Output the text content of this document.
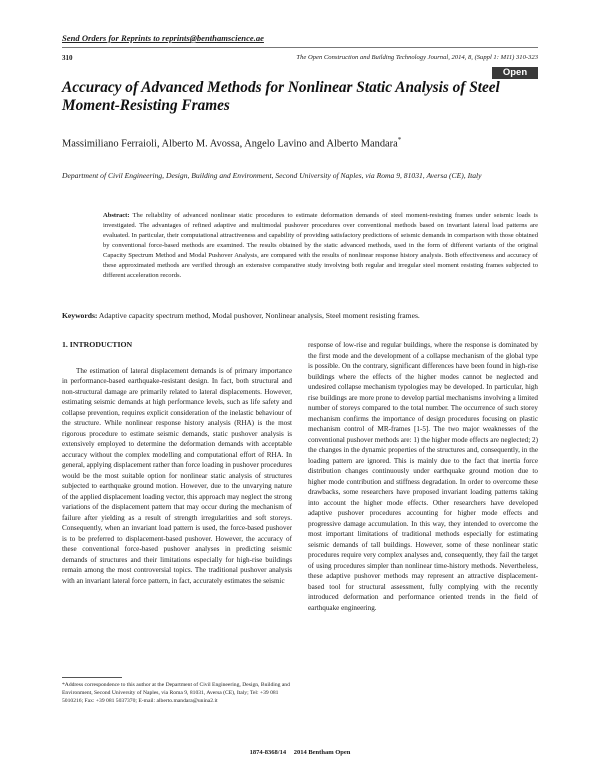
Send Orders for Reprints to reprints@benthamscience.ae
310	The Open Construction and Building Technology Journal, 2014, 8, (Suppl 1: M11) 310-323
Open Access
Accuracy of Advanced Methods for Nonlinear Static Analysis of Steel Moment-Resisting Frames
Massimiliano Ferraioli, Alberto M. Avossa, Angelo Lavino and Alberto Mandara*
Department of Civil Engineering, Design, Building and Environment, Second University of Naples, via Roma 9, 81031, Aversa (CE), Italy
Abstract: The reliability of advanced nonlinear static procedures to estimate deformation demands of steel moment-resisting frames under seismic loads is investigated. The advantages of refined adaptive and multimodal pushover procedures over conventional methods based on invariant lateral load patterns are evaluated. In particular, their computational attractiveness and capability of providing satisfactory predictions of seismic demands in comparison with those obtained by conventional force-based methods are examined. The results obtained by the static advanced methods, used in the form of different variants of the original Capacity Spectrum Method and Modal Pushover Analysis, are compared with the results of nonlinear response history analysis. Both effectiveness and accuracy of these approximated methods are verified through an extensive comparative study involving both regular and irregular steel moment resisting frames subjected to different acceleration records.
Keywords: Adaptive capacity spectrum method, Modal pushover, Nonlinear analysis, Steel moment resisting frames.
1. INTRODUCTION

The estimation of lateral displacement demands is of primary importance in performance-based earthquake-resistant design. In fact, both structural and non-structural damage are primarily related to lateral displacements. However, estimating seismic demands at high performance levels, such as life safety and collapse prevention, requires explicit consideration of the inelastic behaviour of the structure. While nonlinear response history analysis (RHA) is the most rigorous procedure to estimate seismic demands, static pushover analysis is extensively employed to determine the deformation demands with acceptable accuracy without the complex modelling and computational effort of RHA. In general, applying displacement rather than force loading in pushover procedures would be the most suitable option for nonlinear static analysis of structures subjected to earthquake ground motion. However, due to the unvarying nature of the applied displacement loading vector, this approach may neglect the strong variations of the displacement pattern that may occur during the mechanism of failure after yielding as a result of strength irregularities and soft storeys. Consequently, when an invariant load pattern is used, the force-based pushover is to be preferred to displacement-based pushover. However, the accuracy of these conventional force-based pushover analyses in predicting seismic demands of structures and their limitations especially for high-rise buildings remain among the most controversial topics. The traditional pushover analysis with an invariant lateral force pattern, in fact, accurately estimates the seismic

response of low-rise and regular buildings, where the response is dominated by the first mode and the development of a collapse mechanism of the global type is possible. On the contrary, significant differences have been found in high-rise buildings where the effects of the higher modes cannot be neglected and undesired collapse mechanism typologies may be developed. In particular, high rise buildings are more prone to develop partial mechanisms involving a limited number of storeys compared to the total number. The occurrence of such storey mechanism confirms the importance of design procedures focusing on plastic mechanism control of MR-frames [1-5]. The two major weaknesses of the conventional pushover methods are: 1) the higher mode effects are neglected; 2) the changes in the dynamic properties of the structures and, consequently, in the loading pattern are ignored. This is mainly due to the fact that inertia force distribution changes continuously under earthquake ground motion due to higher mode contribution and stiffness degradation. In order to overcome these drawbacks, some researchers have proposed invariant loading patterns taking into account the higher mode effects. Other researchers have developed adaptive pushover procedures accounting for higher mode effects and progressive damage accumulation. In this way, they intended to overcome the most important limitations of traditional methods especially for estimating seismic demands of tall buildings. However, some of these nonlinear static procedures require very complex analyses and, consequently, they fail the target of using procedures simpler than nonlinear time-history methods. Nevertheless, these adaptive pushover methods may represent an attractive displacement-based tool for structural assessment, fully complying with the recently introduced deformation and performance oriented trends in the field of earthquake engineering.

*Address correspondence to this author at the Department of Civil Engineering, Design, Building and Environment, Second University of Naples, via Roma 9, 81031, Aversa (CE), Italy; Tel: +39 081 5010216; Fax: +39 081 5037370; E-mail: alberto.mandara@unina2.it
1874-8368/14 2014 Bentham Open
